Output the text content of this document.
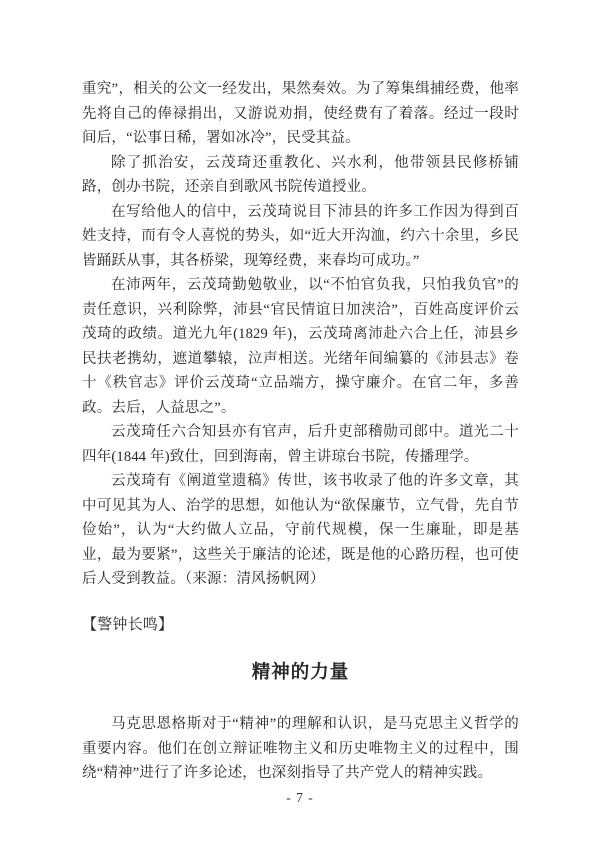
重究”，相关的公文一经发出，果然奏效。为了筹集缉捕经费，他率先将自己的俸禄捐出，又游说劝捐，使经费有了着落。经过一段时间后，“讼事日稀，署如冰冷”，民受其益。

除了抓治安，云茂琦还重教化、兴水利，他带领县民修桥铺路，创办书院，还亲自到歌风书院传道授业。

在写给他人的信中，云茂琦说目下沛县的许多工作因为得到百姓支持，而有令人喜悦的势头，如“近大开沟洫，约六十余里，乡民皆踊跃从事，其各桥梁，现筹经费，来春均可成功。”

在沛两年，云茂琦勤勉敬业，以“不怕官负我，只怕我负官”的责任意识，兴利除弊，沛县“官民情谊日加浃洽”，百姓高度评价云茂琦的政绩。道光九年(1829 年)，云茂琦离沛赴六合上任，沛县乡民扶老携幼，遮道攀辕，泣声相送。光绪年间编纂的《沛县志》卷十《秩官志》评价云茂琦“立品端方，操守廉介。在官二年，多善政。去后，人益思之”。

云茂琦任六合知县亦有官声，后升吏部稽勋司郎中。道光二十四年(1844 年)致仕，回到海南，曾主讲琼台书院，传播理学。

云茂琦有《阐道堂遗稿》传世，该书收录了他的许多文章，其中可见其为人、治学的思想，如他认为“欲保廉节，立气骨，先自节俭始”，认为“大约做人立品，守前代规模，保一生廉耻，即是基业，最为要紧”，这些关于廉洁的论述，既是他的心路历程，也可使后人受到教益。（来源：清风扬帆网）

【警钟长鸣】

精神的力量

马克思恩格斯对于“精神”的理解和认识，是马克思主义哲学的重要内容。他们在创立辩证唯物主义和历史唯物主义的过程中，围绕“精神”进行了许多论述，也深刻指导了共产党人的精神实践。

- 7 -
